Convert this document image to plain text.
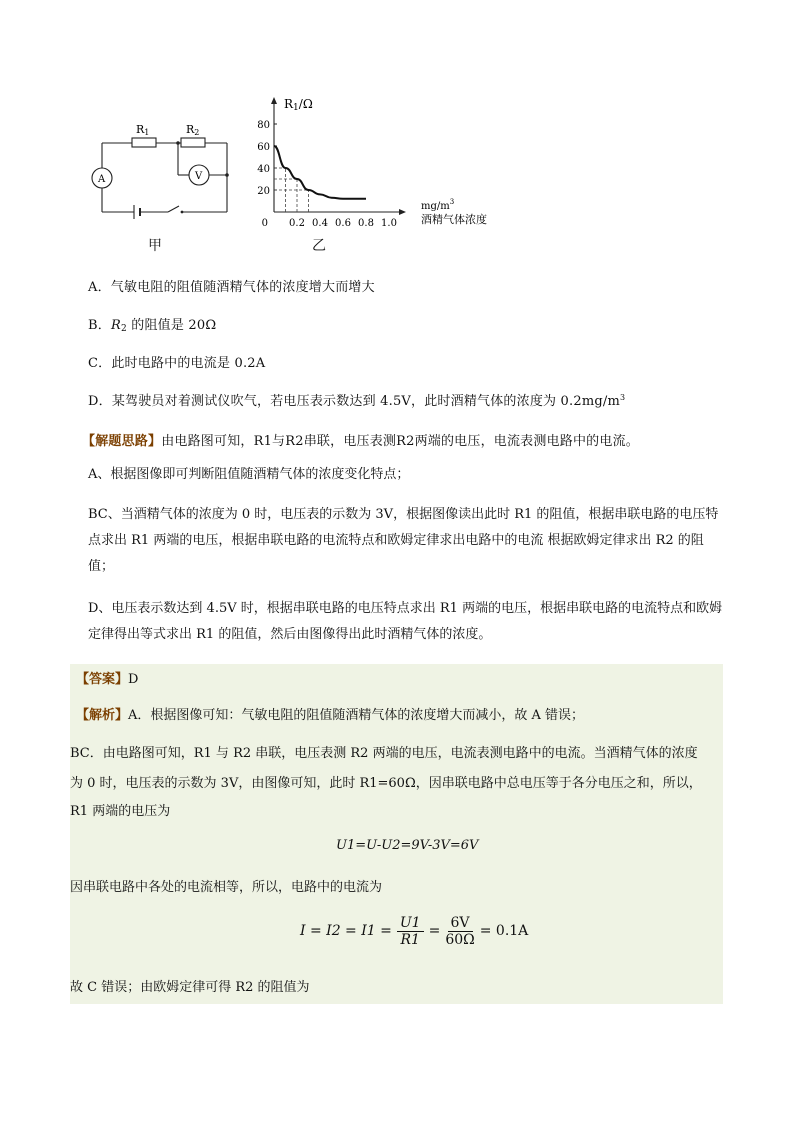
A	V
R1	R2
甲
80
60
40
20
0.2 0.4 0.6 0.8 1.0
0
R1/Ω
$mg/m^3$
酒精气体浓度
乙
A．气敏电阻的阻值随酒精气体的浓度增大而增大
B．$R_2$ 的阻值是 20Ω
C．此时电路中的电流是 0.2A
D．某驾驶员对着测试仪吹气，若电压表示数达到 4.5V，此时酒精气体的浓度为 $0.2mg/m^3$
【解题思路】由电路图可知，R1与R2串联，电压表测R2两端的电压，电流表测电路中的电流。
A、根据图像即可判断阻值随酒精气体的浓度变化特点；
BC、当酒精气体的浓度为 0 时，电压表的示数为 3V，根据图像读出此时 R1 的阻值，根据串联电路的电压特点求出 R1 两端的电压，根据串联电路的电流特点和欧姆定律求出电路中的电流 根据欧姆定律求出 R2 的阻值；
D、电压表示数达到 4.5V 时，根据串联电路的电压特点求出 R1 两端的电压，根据串联电路的电流特点和欧姆定律得出等式求出 R1 的阻值，然后由图像得出此时酒精气体的浓度。
【答案】D
【解析】A．根据图像可知：气敏电阻的阻值随酒精气体的浓度增大而减小，故 A 错误；
BC．由电路图可知，R1 与 R2 串联，电压表测 R2 两端的电压，电流表测电路中的电流。当酒精气体的浓度
为 0 时，电压表的示数为 3V，由图像可知，此时 R1=60Ω，因串联电路中总电压等于各分电压之和，所以，
R1 两端的电压为
U1=U-U2=9V-3V=6V
因串联电路中各处的电流相等，所以，电路中的电流为
$I = I2 = I1 = \frac{U1}{R1} = \frac{6V}{60\Omega} = 0.1A$
故 C 错误；由欧姆定律可得 R2 的阻值为
